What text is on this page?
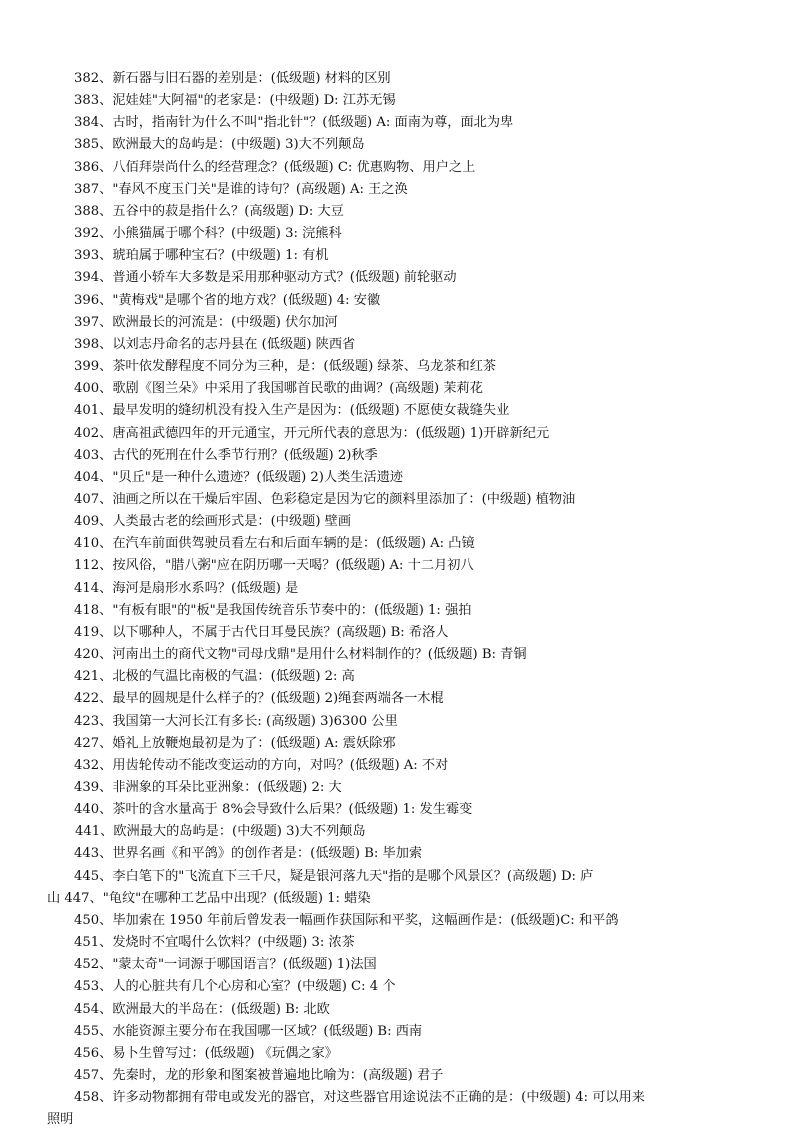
382、新石器与旧石器的差别是：(低级题) 材料的区别
383、泥娃娃"大阿福"的老家是：(中级题) D: 江苏无锡
384、古时，指南针为什么不叫"指北针"？(低级题) A: 面南为尊，面北为卑
385、欧洲最大的岛屿是：(中级题) 3)大不列颠岛
386、八佰拜崇尚什么的经营理念？(低级题) C: 优惠购物、用户之上
387、"春风不度玉门关"是谁的诗句？(高级题) A: 王之涣
388、五谷中的菽是指什么？(高级题) D: 大豆
392、小熊猫属于哪个科？(中级题) 3: 浣熊科
393、琥珀属于哪种宝石？(中级题) 1: 有机
394、普通小轿车大多数是采用那种驱动方式？(低级题) 前轮驱动
396、"黄梅戏"是哪个省的地方戏？(低级题) 4: 安徽
397、欧洲最长的河流是：(中级题) 伏尔加河
398、以刘志丹命名的志丹县在 (低级题) 陕西省
399、茶叶依发酵程度不同分为三种，是：(低级题) 绿茶、乌龙茶和红茶
400、歌剧《图兰朵》中采用了我国哪首民歌的曲调？(高级题) 茉莉花
401、最早发明的缝纫机没有投入生产是因为：(低级题) 不愿使女裁缝失业
402、唐高祖武德四年的开元通宝，开元所代表的意思为：(低级题) 1)开辟新纪元
403、古代的死刑在什么季节行刑？(低级题) 2)秋季
404、"贝丘"是一种什么遗迹？(低级题) 2)人类生活遗迹
407、油画之所以在干燥后牢固、色彩稳定是因为它的颜料里添加了：(中级题) 植物油
409、人类最古老的绘画形式是：(中级题) 壁画
410、在汽车前面供驾驶员看左右和后面车辆的是：(低级题) A: 凸镜
112、按风俗，"腊八粥"应在阴历哪一天喝？(低级题) A: 十二月初八
414、海河是扇形水系吗？(低级题) 是
418、"有板有眼"的"板"是我国传统音乐节奏中的：(低级题) 1: 强拍
419、以下哪种人，不属于古代日耳曼民族？(高级题) B: 希洛人
420、河南出土的商代文物"司母戊鼎"是用什么材料制作的？(低级题) B: 青铜
421、北极的气温比南极的气温：(低级题) 2: 高
422、最早的圆规是什么样子的？(低级题) 2)绳套两端各一木棍
423、我国第一大河长江有多长: (高级题) 3)6300 公里
427、婚礼上放鞭炮最初是为了：(低级题) A: 震妖除邪
432、用齿轮传动不能改变运动的方向，对吗？(低级题) A: 不对
439、非洲象的耳朵比亚洲象：(低级题) 2: 大
440、茶叶的含水量高于 8%会导致什么后果？(低级题) 1: 发生霉变
441、欧洲最大的岛屿是：(中级题) 3)大不列颠岛
443、世界名画《和平鸽》的创作者是：(低级题) B: 毕加索
445、李白笔下的"飞流直下三千尺，疑是银河落九天"指的是哪个风景区？(高级题) D: 庐
山 447、"龟纹"在哪种工艺品中出现？(低级题) 1: 蜡染
450、毕加索在 1950 年前后曾发表一幅画作获国际和平奖，这幅画作是：(低级题)C: 和平鸽
451、发烧时不宜喝什么饮料？(中级题) 3: 浓茶
452、"蒙太奇"一词源于哪国语言？(低级题) 1)法国
453、人的心脏共有几个心房和心室？(中级题) C: 4 个
454、欧洲最大的半岛在：(低级题) B: 北欧
455、水能资源主要分布在我国哪一区域？(低级题) B: 西南
456、易卜生曾写过：(低级题) 《玩偶之家》
457、先秦时，龙的形象和图案被普遍地比喻为：(高级题) 君子
458、许多动物都拥有带电或发光的器官，对这些器官用途说法不正确的是：(中级题) 4: 可以用来
照明
